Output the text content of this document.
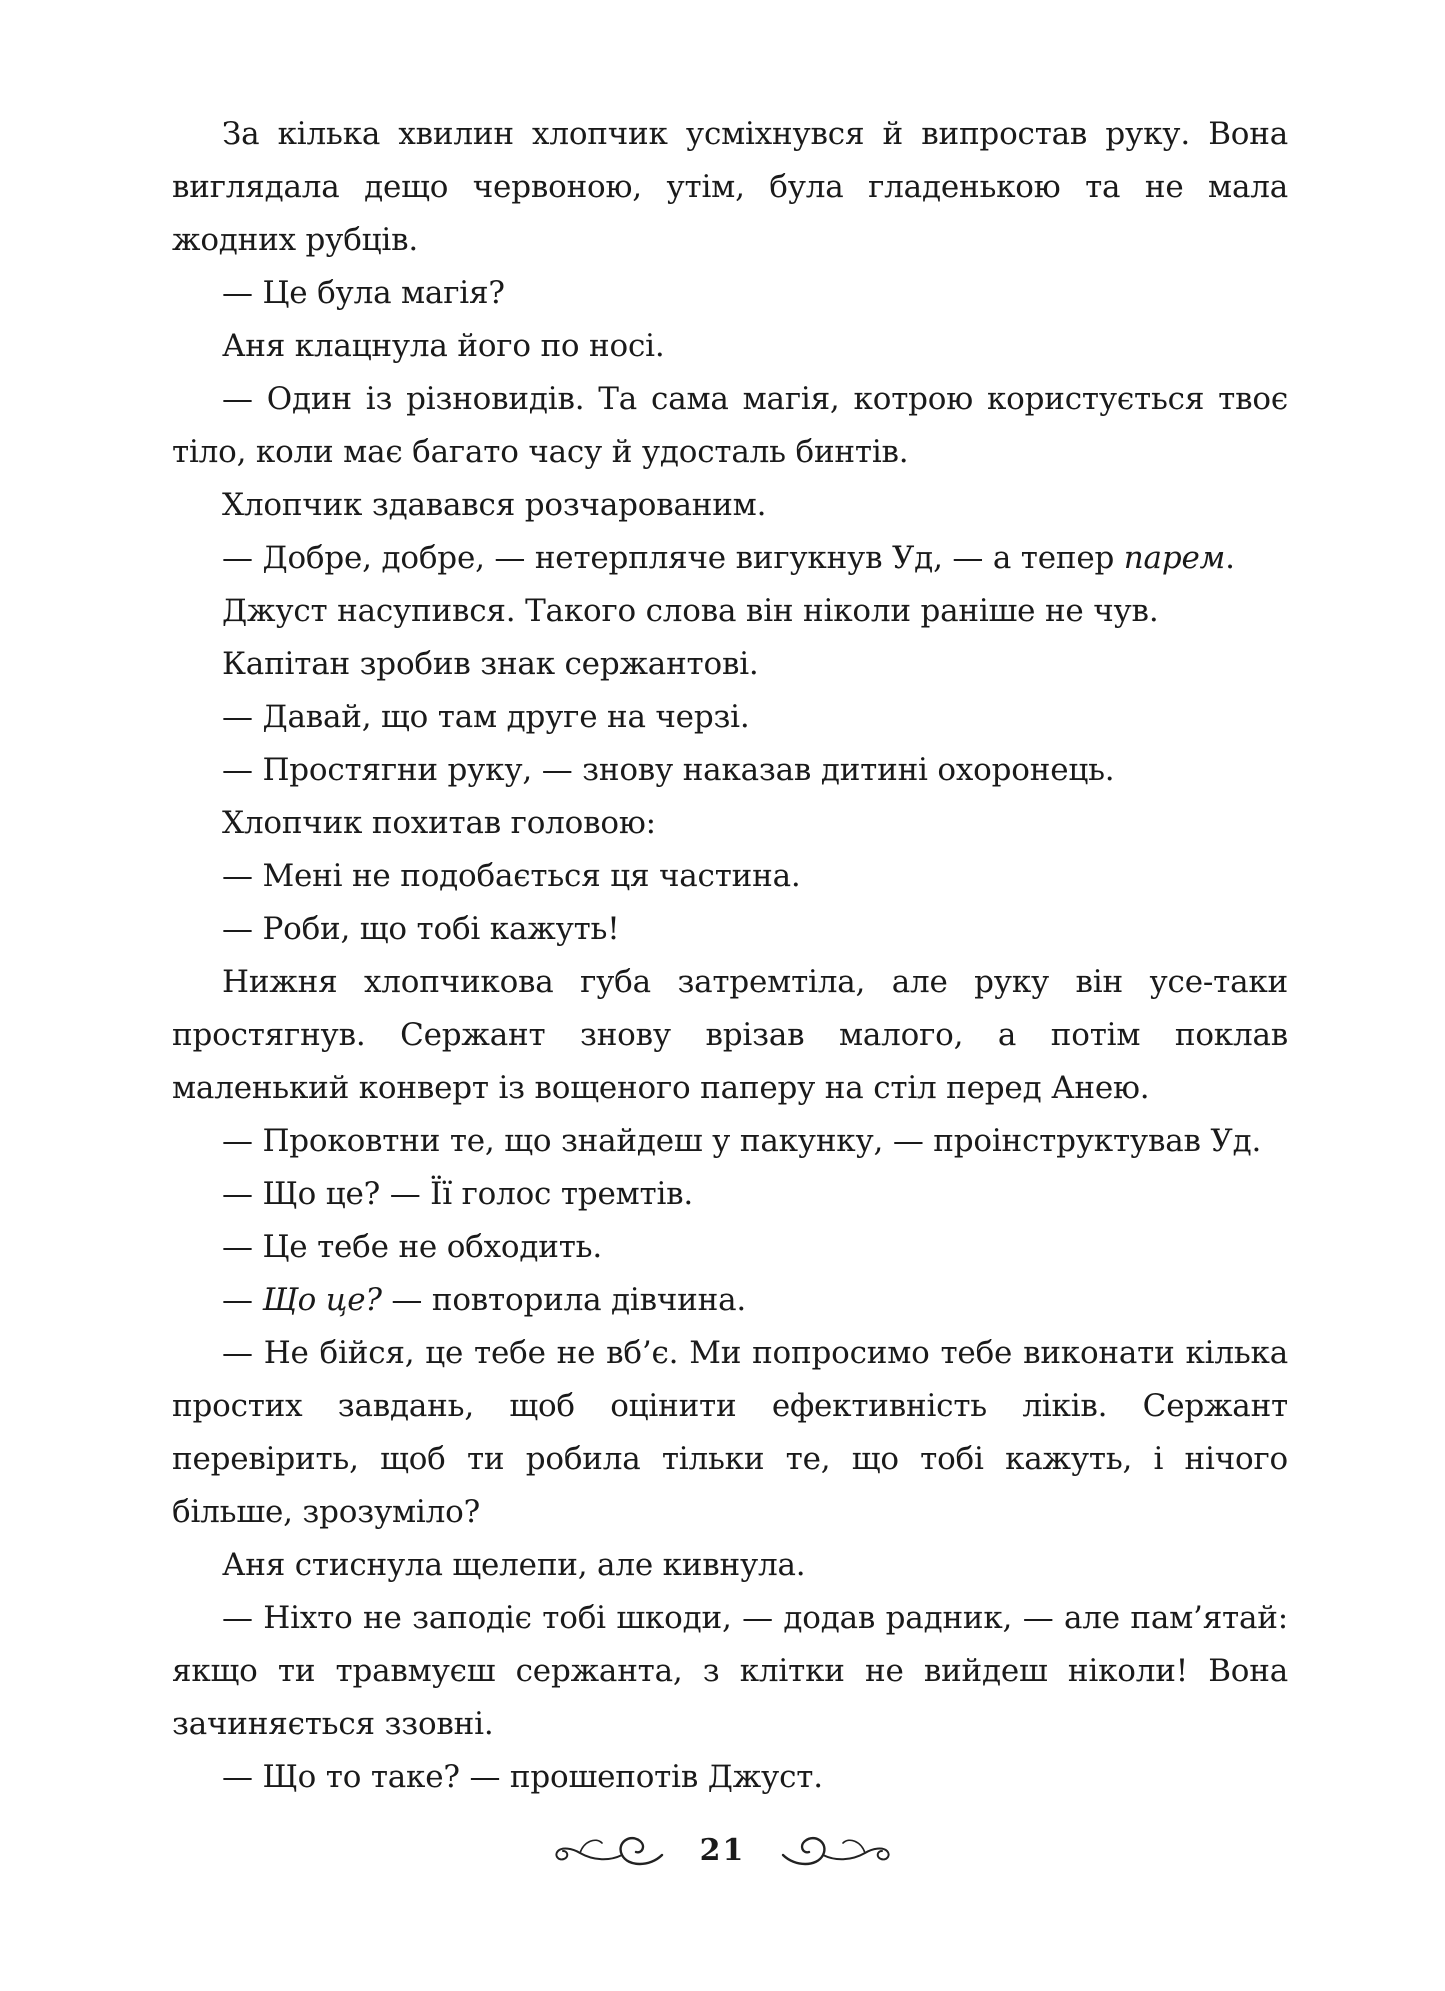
За кілька хвилин хлопчик усміхнувся й випростав руку. Вона виглядала дещо червоною, утім, була гладенькою та не мала жодних рубців.

— Це була магія?

Аня клацнула його по носі.

— Один із різновидів. Та сама магія, котрою користується твоє тіло, коли має багато часу й удосталь бинтів.

Хлопчик здавався розчарованим.

— Добре, добре, — нетерпляче вигукнув Уд, — а тепер парем.

Джуст насупився. Такого слова він ніколи раніше не чув.

Капітан зробив знак сержантові.

— Давай, що там друге на черзі.

— Простягни руку, — знову наказав дитині охоронець.

Хлопчик похитав головою:

— Мені не подобається ця частина.

— Роби, що тобі кажуть!

Нижня хлопчикова губа затремтіла, але руку він усе-таки простягнув. Сержант знову врізав малого, а потім поклав маленький конверт із вощеного паперу на стіл перед Анею.

— Проковтни те, що знайдеш у пакунку, — проінструктував Уд.

— Що це? — Її голос тремтів.

— Це тебе не обходить.

— Що це? — повторила дівчина.

— Не бійся, це тебе не вб’є. Ми попросимо тебе виконати кілька простих завдань, щоб оцінити ефективність ліків. Сержант перевірить, щоб ти робила тільки те, що тобі кажуть, і нічого більше, зрозуміло?

Аня стиснула щелепи, але кивнула.

— Ніхто не заподіє тобі шкоди, — додав радник, — але пам’ятай: якщо ти травмуєш сержанта, з клітки не вийдеш ніколи! Вона зачиняється ззовні.

— Що то таке? — прошепотів Джуст.

21
